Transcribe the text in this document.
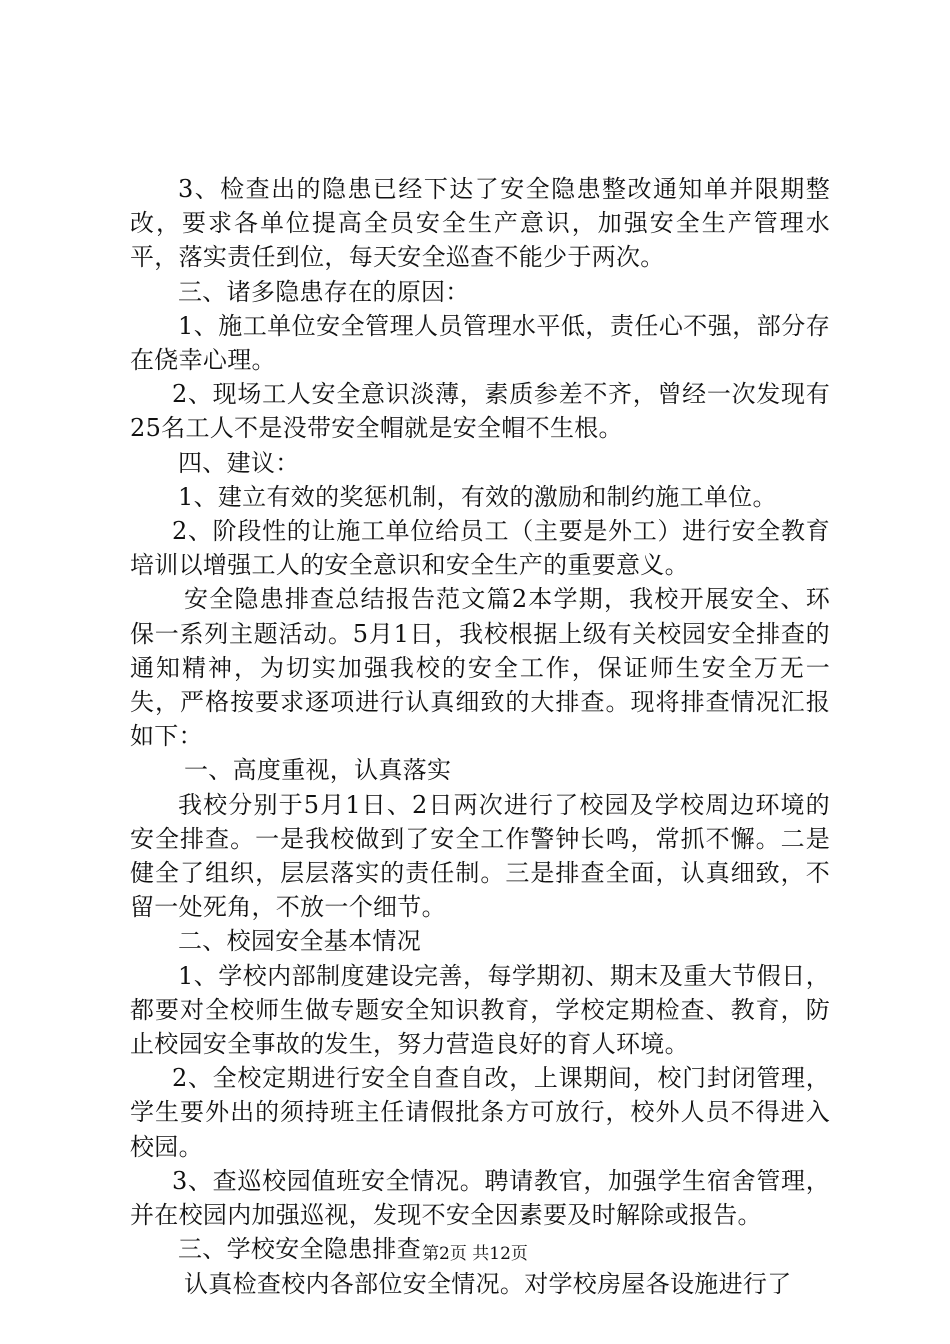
3、检查出的隐患已经下达了安全隐患整改通知单并限期整改，要求各单位提高全员安全生产意识，加强安全生产管理水平，落实责任到位，每天安全巡查不能少于两次。

三、诸多隐患存在的原因：

1、施工单位安全管理人员管理水平低，责任心不强，部分存在侥幸心理。

2、现场工人安全意识淡薄，素质参差不齐，曾经一次发现有25名工人不是没带安全帽就是安全帽不生根。

四、建议：

1、建立有效的奖惩机制，有效的激励和制约施工单位。

2、阶段性的让施工单位给员工（主要是外工）进行安全教育培训以增强工人的安全意识和安全生产的重要意义。

安全隐患排查总结报告范文篇2本学期，我校开展安全、环保一系列主题活动。5月1日，我校根据上级有关校园安全排查的通知精神，为切实加强我校的安全工作，保证师生安全万无一失，严格按要求逐项进行认真细致的大排查。现将排查情况汇报如下：

一、高度重视，认真落实

我校分别于5月1日、2日两次进行了校园及学校周边环境的安全排查。一是我校做到了安全工作警钟长鸣，常抓不懈。二是健全了组织，层层落实的责任制。三是排查全面，认真细致，不留一处死角，不放一个细节。

二、校园安全基本情况

1、学校内部制度建设完善，每学期初、期末及重大节假日，都要对全校师生做专题安全知识教育，学校定期检查、教育，防止校园安全事故的发生，努力营造良好的育人环境。

2、全校定期进行安全自查自改，上课期间，校门封闭管理，学生要外出的须持班主任请假批条方可放行，校外人员不得进入校园。

3、查巡校园值班安全情况。聘请教官，加强学生宿舍管理，并在校园内加强巡视，发现不安全因素要及时解除或报告。

三、学校安全隐患排查

认真检查校内各部位安全情况。对学校房屋各设施进行了

第2页 共12页
